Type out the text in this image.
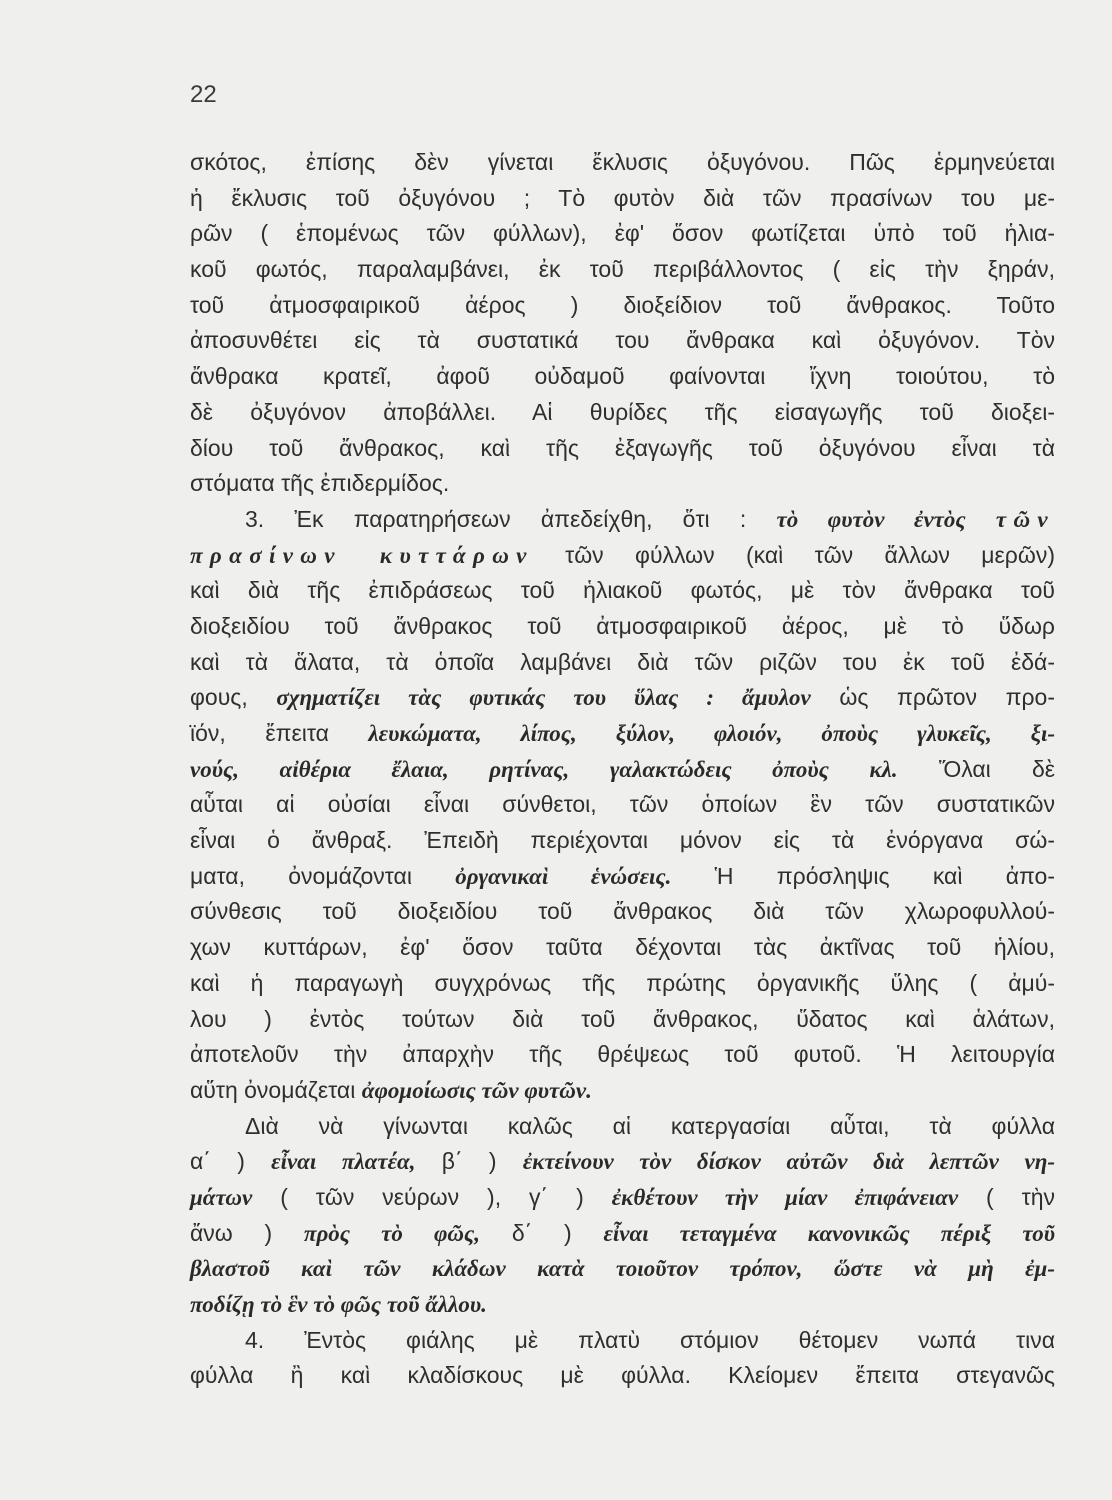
22
σκότος, ἐπίσης δὲν γίνεται ἔκλυσις ὀξυγόνου. Πῶς ἑρμηνεύεται
ἡ ἔκλυσις τοῦ ὀξυγόνου ; Τὸ φυτὸν διὰ τῶν πρασίνων του με-
ρῶν ( ἑπομένως τῶν φύλλων), ἐφ' ὅσον φωτίζεται ὑπὸ τοῦ ἡλια-
κοῦ φωτός, παραλαμβάνει, ἐκ τοῦ περιβάλλοντος ( εἰς τὴν ξηράν,
τοῦ ἀτμοσφαιρικοῦ ἀέρος ) διοξείδιον τοῦ ἄνθρακος. Τοῦτο
ἀποσυνθέτει εἰς τὰ συστατικά του ἄνθρακα καὶ ὀξυγόνον. Τὸν
ἄνθρακα κρατεῖ, ἀφοῦ οὐδαμοῦ φαίνονται ἴχνη τοιούτου, τὸ
δὲ ὀξυγόνον ἀποβάλλει. Αἱ θυρίδες τῆς εἰσαγωγῆς τοῦ διοξει-
δίου τοῦ ἄνθρακος, καὶ τῆς ἐξαγωγῆς τοῦ ὀξυγόνου εἶναι τὰ
στόματα τῆς ἐπιδερμίδος.
3. Ἐκ παρατηρήσεων ἀπεδείχθη, ὅτι : τὸ φυτὸν ἐντὸς τῶν
πρασίνων κυττάρων τῶν φύλλων (καὶ τῶν ἄλλων μερῶν)
καὶ διὰ τῆς ἐπιδράσεως τοῦ ἡλιακοῦ φωτός, μὲ τὸν ἄνθρακα τοῦ
διοξειδίου τοῦ ἄνθρακος τοῦ ἀτμοσφαιρικοῦ ἀέρος, μὲ τὸ ὕδωρ
καὶ τὰ ἅλατα, τὰ ὁποῖα λαμβάνει διὰ τῶν ριζῶν του ἐκ τοῦ ἐδά-
φους, σχηματίζει τὰς φυτικάς του ὕλας : ἄμυλον ὡς πρῶτον προ-
ϊόν, ἔπειτα λευκώματα, λίπος, ξύλον, φλοιόν, ὀποὺς γλυκεῖς, ξι-
νούς, αἰθέρια ἔλαια, ρητίνας, γαλακτώδεις ὀποὺς κλ. Ὅλαι δὲ
αὗται αἱ οὐσίαι εἶναι σύνθετοι, τῶν ὁποίων ἓν τῶν συστατικῶν
εἶναι ὁ ἄνθραξ. Ἐπειδὴ περιέχονται μόνον εἰς τὰ ἐνόργανα σώ-
ματα, ὀνομάζονται ὀργανικαὶ ἑνώσεις. Ἡ πρόσληψις καὶ ἀπο-
σύνθεσις τοῦ διοξειδίου τοῦ ἄνθρακος διὰ τῶν χλωροφυλλού-
χων κυττάρων, ἐφ' ὅσον ταῦτα δέχονται τὰς ἀκτῖνας τοῦ ἡλίου,
καὶ ἡ παραγωγὴ συγχρόνως τῆς πρώτης ὀργανικῆς ὕλης ( ἀμύ-
λου ) ἐντὸς τούτων διὰ τοῦ ἄνθρακος, ὕδατος καὶ ἁλάτων,
ἀποτελοῦν τὴν ἀπαρχὴν τῆς θρέψεως τοῦ φυτοῦ. Ἡ λειτουργία
αὕτη ὀνομάζεται ἀφομοίωσις τῶν φυτῶν.
Διὰ νὰ γίνωνται καλῶς αἱ κατεργασίαι αὗται, τὰ φύλλα
α΄ ) εἶναι πλατέα, β΄ ) ἐκτείνουν τὸν δίσκον αὐτῶν διὰ λεπτῶν νη-
μάτων ( τῶν νεύρων ), γ΄ ) ἐκθέτουν τὴν μίαν ἐπιφάνειαν ( τὴν
ἄνω ) πρὸς τὸ φῶς, δ΄ ) εἶναι τεταγμένα κανονικῶς πέριξ τοῦ
βλαστοῦ καὶ τῶν κλάδων κατὰ τοιοῦτον τρόπον, ὥστε νὰ μὴ ἐμ-
ποδίζῃ τὸ ἓν τὸ φῶς τοῦ ἄλλου.
4. Ἐντὸς φιάλης μὲ πλατὺ στόμιον θέτομεν νωπά τινα
φύλλα ἢ καὶ κλαδίσκους μὲ φύλλα. Κλείομεν ἔπειτα στεγανῶς
